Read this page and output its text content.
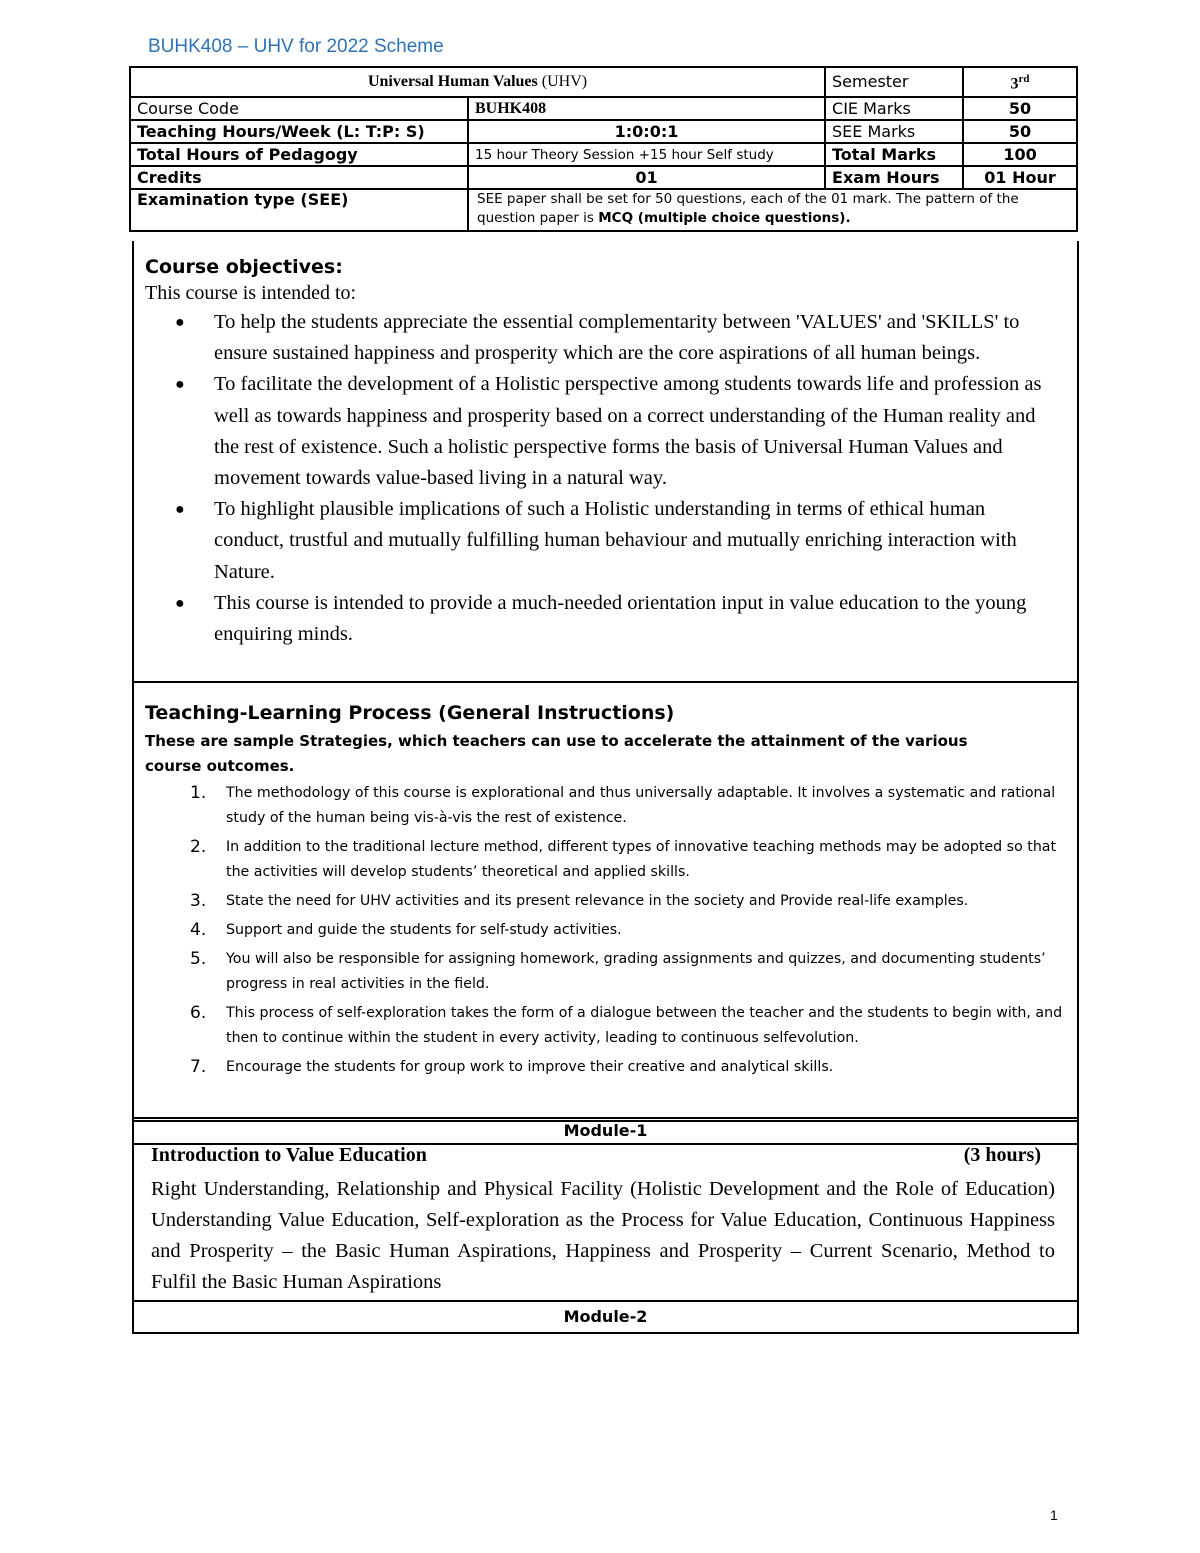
BUHK408 – UHV for 2022 Scheme
Universal Human Values (UHV)		Semester	3rd
Course Code	BUHK408	CIE Marks	50
Teaching Hours/Week (L: T:P: S)	1:0:0:1	SEE Marks	50
Total Hours of Pedagogy	15 hour Theory Session +15 hour Self study	Total Marks	100
Credits	01	Exam Hours	01 Hour
Examination type (SEE)	SEE paper shall be set for 50 questions, each of the 01 mark. The pattern of the question paper is MCQ (multiple choice questions).		
Course objectives:
This course is intended to:
● To help the students appreciate the essential complementarity between 'VALUES' and 'SKILLS' to ensure sustained happiness and prosperity which are the core aspirations of all human beings.
● To facilitate the development of a Holistic perspective among students towards life and profession as well as towards happiness and prosperity based on a correct understanding of the Human reality and the rest of existence. Such a holistic perspective forms the basis of Universal Human Values and movement towards value-based living in a natural way.
● To highlight plausible implications of such a Holistic understanding in terms of ethical human conduct, trustful and mutually fulfilling human behaviour and mutually enriching interaction with Nature.
● This course is intended to provide a much-needed orientation input in value education to the young enquiring minds.
Teaching-Learning Process (General Instructions)
These are sample Strategies, which teachers can use to accelerate the attainment of the various course outcomes.
1. The methodology of this course is explorational and thus universally adaptable. It involves a systematic and rational study of the human being vis-à-vis the rest of existence.
2. In addition to the traditional lecture method, different types of innovative teaching methods may be adopted so that the activities will develop students’ theoretical and applied skills.
3. State the need for UHV activities and its present relevance in the society and Provide real-life examples.
4. Support and guide the students for self-study activities.
5. You will also be responsible for assigning homework, grading assignments and quizzes, and documenting students’ progress in real activities in the field.
6. This process of self-exploration takes the form of a dialogue between the teacher and the students to begin with, and then to continue within the student in every activity, leading to continuous selfevolution.
7. Encourage the students for group work to improve their creative and analytical skills.
Module-1
Introduction to Value Education	(3 hours)
Right Understanding, Relationship and Physical Facility (Holistic Development and the Role of Education) Understanding Value Education, Self-exploration as the Process for Value Education, Continuous Happiness and Prosperity – the Basic Human Aspirations, Happiness and Prosperity – Current Scenario, Method to Fulfil the Basic Human Aspirations
Module-2
1
